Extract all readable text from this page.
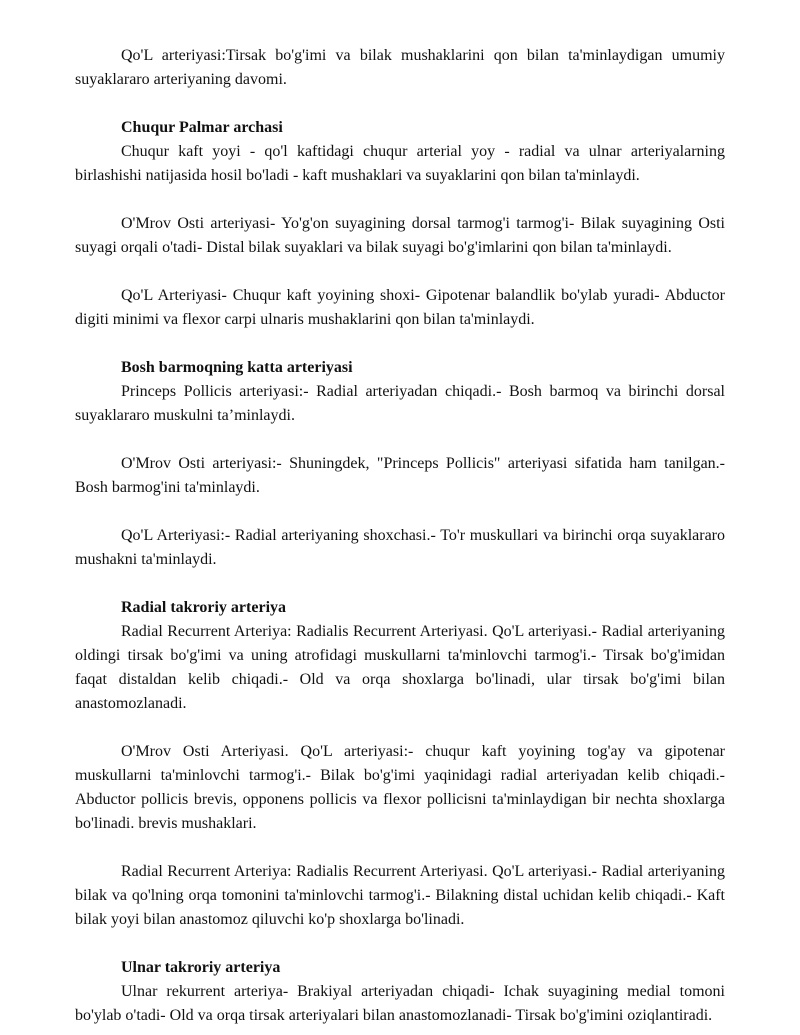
Qo'L arteriyasi:Tirsak bo'g'imi va bilak mushaklarini qon bilan ta'minlaydigan umumiy suyaklararo arteriyaning davomi.

Chuqur Palmar archasi

Chuqur kaft yoyi - qo'l kaftidagi chuqur arterial yoy - radial va ulnar arteriyalarning birlashishi natijasida hosil bo'ladi - kaft mushaklari va suyaklarini qon bilan ta'minlaydi.

O'Mrov Osti arteriyasi- Yo'g'on suyagining dorsal tarmog'i tarmog'i- Bilak suyagining Osti suyagi orqali o'tadi- Distal bilak suyaklari va bilak suyagi bo'g'imlarini qon bilan ta'minlaydi.

Qo'L Arteriyasi- Chuqur kaft yoyining shoxi- Gipotenar balandlik bo'ylab yuradi- Abductor digiti minimi va flexor carpi ulnaris mushaklarini qon bilan ta'minlaydi.

Bosh barmoqning katta arteriyasi

Princeps Pollicis arteriyasi:- Radial arteriyadan chiqadi.- Bosh barmoq va birinchi dorsal suyaklararo muskulni ta’minlaydi.

O'Mrov Osti arteriyasi:- Shuningdek, "Princeps Pollicis" arteriyasi sifatida ham tanilgan.- Bosh barmog'ini ta'minlaydi.

Qo'L Arteriyasi:- Radial arteriyaning shoxchasi.- To'r muskullari va birinchi orqa suyaklararo mushakni ta'minlaydi.

Radial takroriy arteriya

Radial Recurrent Arteriya: Radialis Recurrent Arteriyasi. Qo'L arteriyasi.- Radial arteriyaning oldingi tirsak bo'g'imi va uning atrofidagi muskullarni ta'minlovchi tarmog'i.- Tirsak bo'g'imidan faqat distaldan kelib chiqadi.- Old va orqa shoxlarga bo'linadi, ular tirsak bo'g'imi bilan anastomozlanadi.

O'Mrov Osti Arteriyasi. Qo'L arteriyasi:- chuqur kaft yoyining tog'ay va gipotenar muskullarni ta'minlovchi tarmog'i.- Bilak bo'g'imi yaqinidagi radial arteriyadan kelib chiqadi.- Abductor pollicis brevis, opponens pollicis va flexor pollicisni ta'minlaydigan bir nechta shoxlarga bo'linadi. brevis mushaklari.

Radial Recurrent Arteriya: Radialis Recurrent Arteriyasi. Qo'L arteriyasi.- Radial arteriyaning bilak va qo'lning orqa tomonini ta'minlovchi tarmog'i.- Bilakning distal uchidan kelib chiqadi.- Kaft bilak yoyi bilan anastomoz qiluvchi ko'p shoxlarga bo'linadi.

Ulnar takroriy arteriya

Ulnar rekurrent arteriya- Brakiyal arteriyadan chiqadi- Ichak suyagining medial tomoni bo'ylab o'tadi- Old va orqa tirsak arteriyalari bilan anastomozlanadi- Tirsak bo'g'imini oziqlantiradi.
